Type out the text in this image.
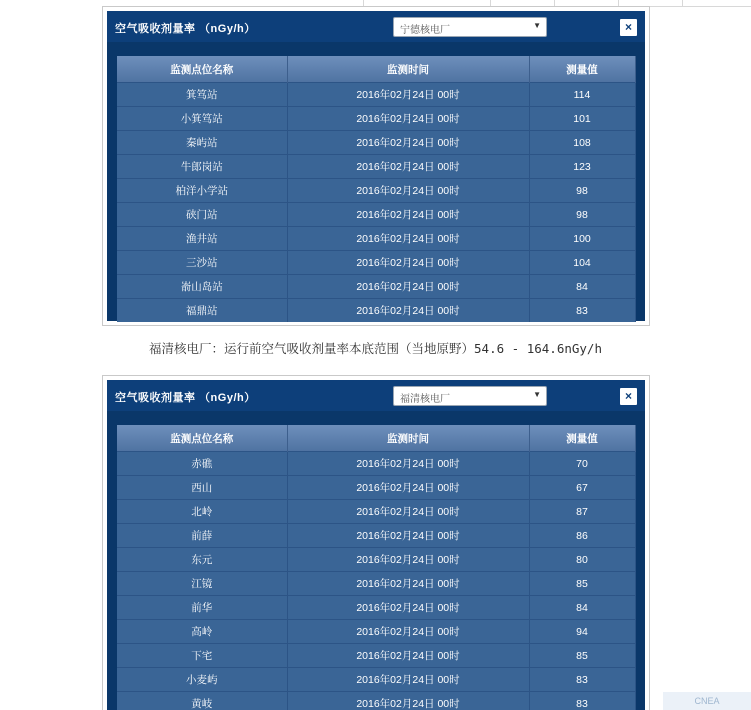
空气吸收剂量率 （nGy/h）	宁德核电厂	▼	×
监测点位名称	监测时间	测量值
箕笃站	2016年02月24日 00时	114
小箕笃站	2016年02月24日 00时	101
秦屿站	2016年02月24日 00时	108
牛郎岗站	2016年02月24日 00时	123
柏洋小学站	2016年02月24日 00时	98
硖门站	2016年02月24日 00时	98
渔井站	2016年02月24日 00时	100
三沙站	2016年02月24日 00时	104
嵛山岛站	2016年02月24日 00时	84
福鼎站	2016年02月24日 00时	83
福清核电厂：运行前空气吸收剂量率本底范围（当地原野）54.6 - 164.6nGy/h
空气吸收剂量率 （nGy/h）	福清核电厂	▼	×
监测点位名称	监测时间	测量值
赤礁	2016年02月24日 00时	70
西山	2016年02月24日 00时	67
北岭	2016年02月24日 00时	87
前薛	2016年02月24日 00时	86
东元	2016年02月24日 00时	80
江镜	2016年02月24日 00时	85
前华	2016年02月24日 00时	84
高岭	2016年02月24日 00时	94
下宅	2016年02月24日 00时	85
小麦屿	2016年02月24日 00时	83
黄岐	2016年02月24日 00时	83	CNEA
